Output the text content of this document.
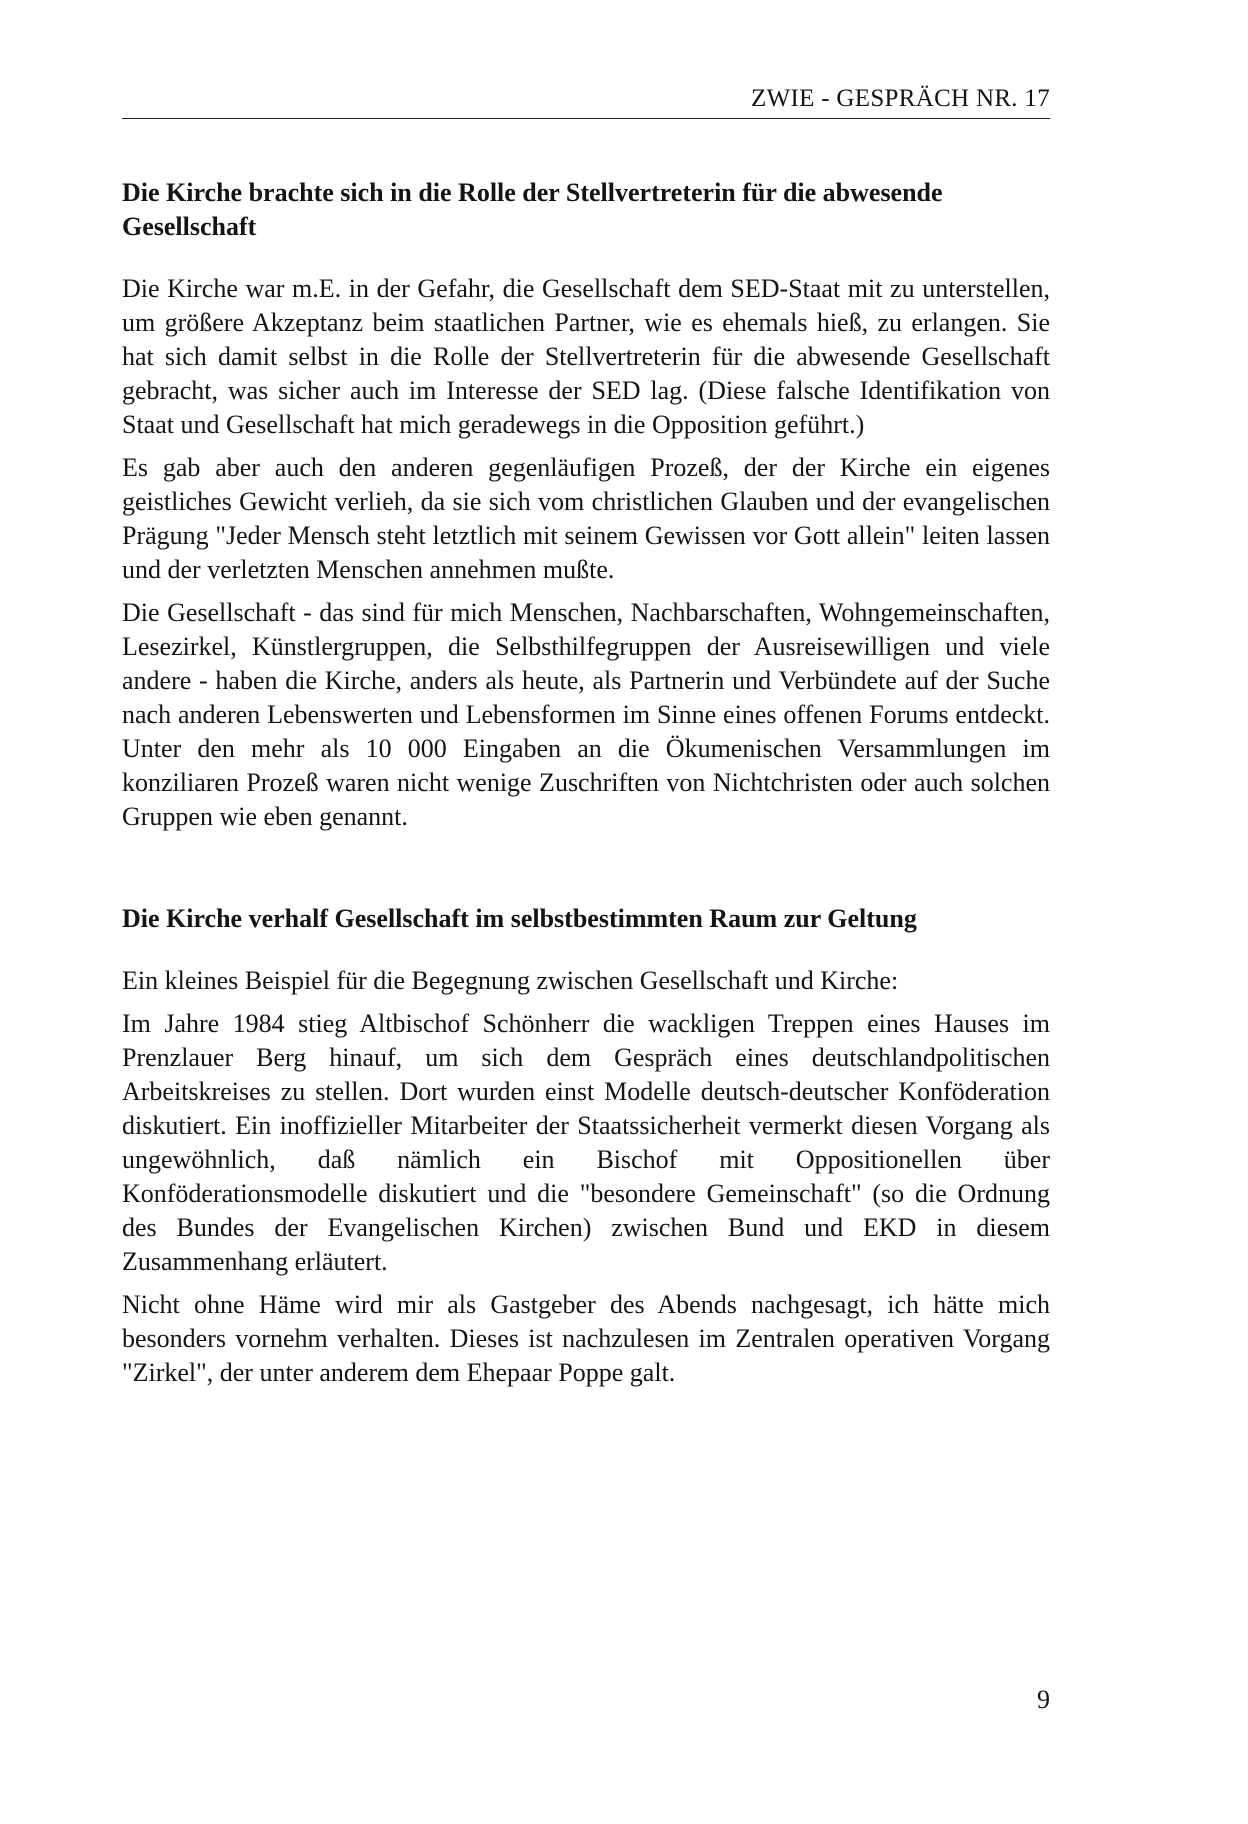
ZWIE - GESPRÄCH NR. 17
Die Kirche brachte sich in die Rolle der Stellvertreterin für die abwesende Gesellschaft

Die Kirche war m.E. in der Gefahr, die Gesellschaft dem SED-Staat mit zu unterstellen, um größere Akzeptanz beim staatlichen Partner, wie es ehemals hieß, zu erlangen. Sie hat sich damit selbst in die Rolle der Stellvertreterin für die abwesende Gesellschaft gebracht, was sicher auch im Interesse der SED lag. (Diese falsche Identifikation von Staat und Gesellschaft hat mich geradewegs in die Opposition geführt.)

Es gab aber auch den anderen gegenläufigen Prozeß, der der Kirche ein eigenes geistliches Gewicht verlieh, da sie sich vom christlichen Glauben und der evangelischen Prägung "Jeder Mensch steht letztlich mit seinem Gewissen vor Gott allein" leiten lassen und der verletzten Menschen annehmen mußte.

Die Gesellschaft - das sind für mich Menschen, Nachbarschaften, Wohngemeinschaften, Lesezirkel, Künstlergruppen, die Selbsthilfegruppen der Ausreisewilligen und viele andere - haben die Kirche, anders als heute, als Partnerin und Verbündete auf der Suche nach anderen Lebenswerten und Lebensformen im Sinne eines offenen Forums entdeckt. Unter den mehr als 10 000 Eingaben an die Ökumenischen Versammlungen im konziliaren Prozeß waren nicht wenige Zuschriften von Nichtchristen oder auch solchen Gruppen wie eben genannt.

Die Kirche verhalf Gesellschaft im selbstbestimmten Raum zur Geltung

Ein kleines Beispiel für die Begegnung zwischen Gesellschaft und Kirche:

Im Jahre 1984 stieg Altbischof Schönherr die wackligen Treppen eines Hauses im Prenzlauer Berg hinauf, um sich dem Gespräch eines deutschlandpolitischen Arbeitskreises zu stellen. Dort wurden einst Modelle deutsch-deutscher Konföderation diskutiert. Ein inoffizieller Mitarbeiter der Staatssicherheit vermerkt diesen Vorgang als ungewöhnlich, daß nämlich ein Bischof mit Oppositionellen über Konföderationsmodelle diskutiert und die "besondere Gemeinschaft" (so die Ordnung des Bundes der Evangelischen Kirchen) zwischen Bund und EKD in diesem Zusammenhang erläutert.

Nicht ohne Häme wird mir als Gastgeber des Abends nachgesagt, ich hätte mich besonders vornehm verhalten. Dieses ist nachzulesen im Zentralen operativen Vorgang "Zirkel", der unter anderem dem Ehepaar Poppe galt.

9
